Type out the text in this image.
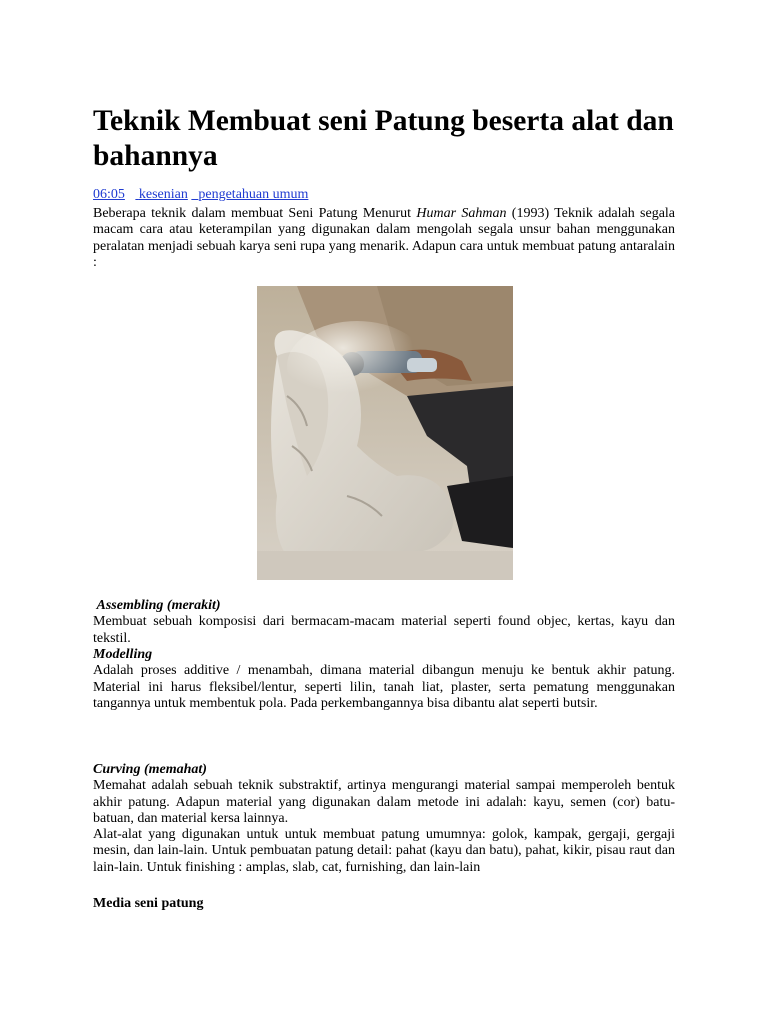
Teknik Membuat seni Patung beserta alat dan bahannya
06:05 kesenian pengetahuan umum

Beberapa teknik dalam membuat Seni Patung Menurut Humar Sahman (1993) Teknik adalah segala macam cara atau keterampilan yang digunakan dalam mengolah segala unsur bahan menggunakan peralatan menjadi sebuah karya seni rupa yang menarik. Adapun cara untuk membuat patung antaralain :

Assembling (merakit)

Membuat sebuah komposisi dari bermacam-macam material seperti found objec, kertas, kayu dan tekstil.

Modelling

Adalah proses additive / menambah, dimana material dibangun menuju ke bentuk akhir patung. Material ini harus fleksibel/lentur, seperti lilin, tanah liat, plaster, serta pematung menggunakan tangannya untuk membentuk pola. Pada perkembangannya bisa dibantu alat seperti butsir.

Curving (memahat)

Memahat adalah sebuah teknik substraktif, artinya mengurangi material sampai memperoleh bentuk akhir patung. Adapun material yang digunakan dalam metode ini adalah: kayu, semen (cor) batu-batuan, dan material kersa lainnya.

Alat-alat yang digunakan untuk untuk membuat patung umumnya: golok, kampak, gergaji, gergaji mesin, dan lain-lain. Untuk pembuatan patung detail: pahat (kayu dan batu), pahat, kikir, pisau raut dan lain-lain. Untuk finishing : amplas, slab, cat, furnishing, dan lain-lain

Media seni patung
